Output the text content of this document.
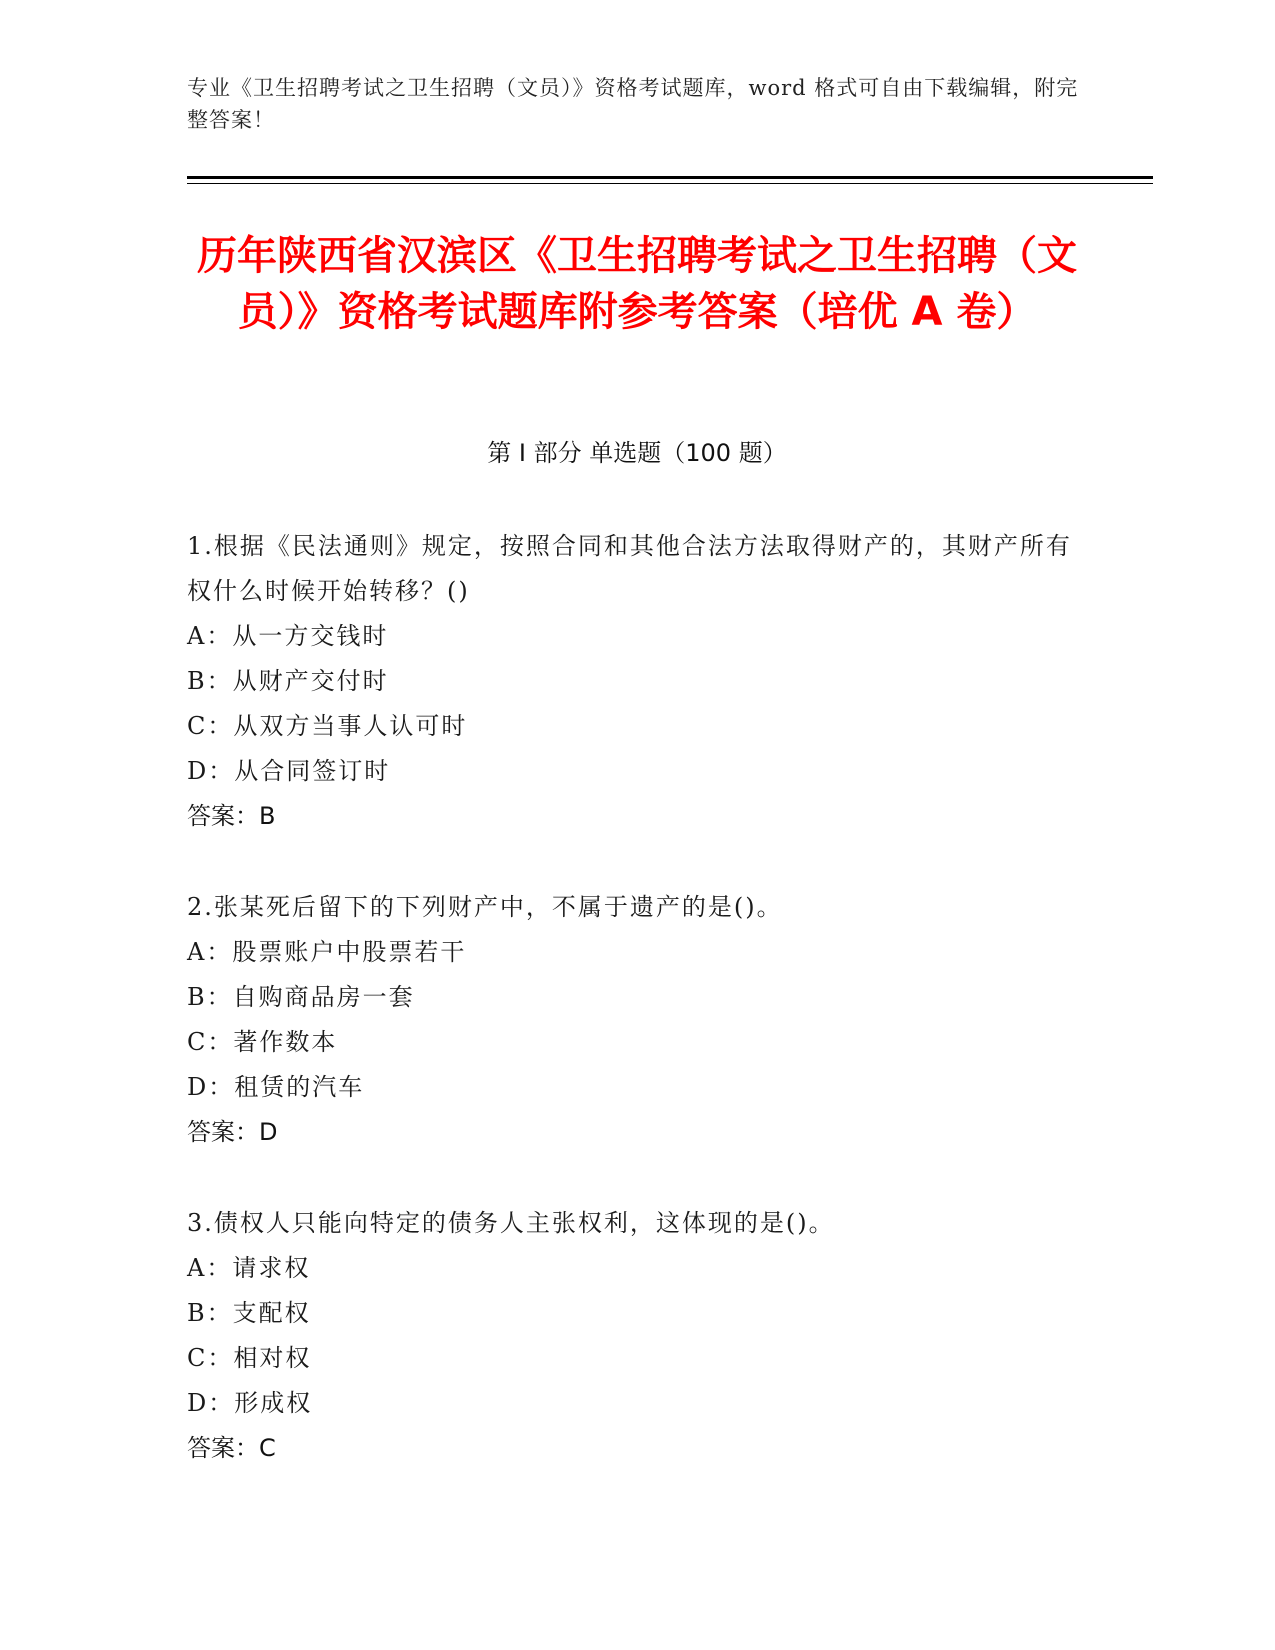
专业《卫生招聘考试之卫生招聘（文员）》资格考试题库，word 格式可自由下载编辑，附完整答案！
历年陕西省汉滨区《卫生招聘考试之卫生招聘（文员）》资格考试题库附参考答案（培优 A 卷）
第 I 部分 单选题（100 题）

1.根据《民法通则》规定，按照合同和其他合法方法取得财产的，其财产所有权什么时候开始转移？()

A：从一方交钱时

B：从财产交付时

C：从双方当事人认可时

D：从合同签订时

答案：B

2.张某死后留下的下列财产中，不属于遗产的是()。

A：股票账户中股票若干

B：自购商品房一套

C：著作数本

D：租赁的汽车

答案：D

3.债权人只能向特定的债务人主张权利，这体现的是()。

A：请求权

B：支配权

C：相对权

D：形成权

答案：C
